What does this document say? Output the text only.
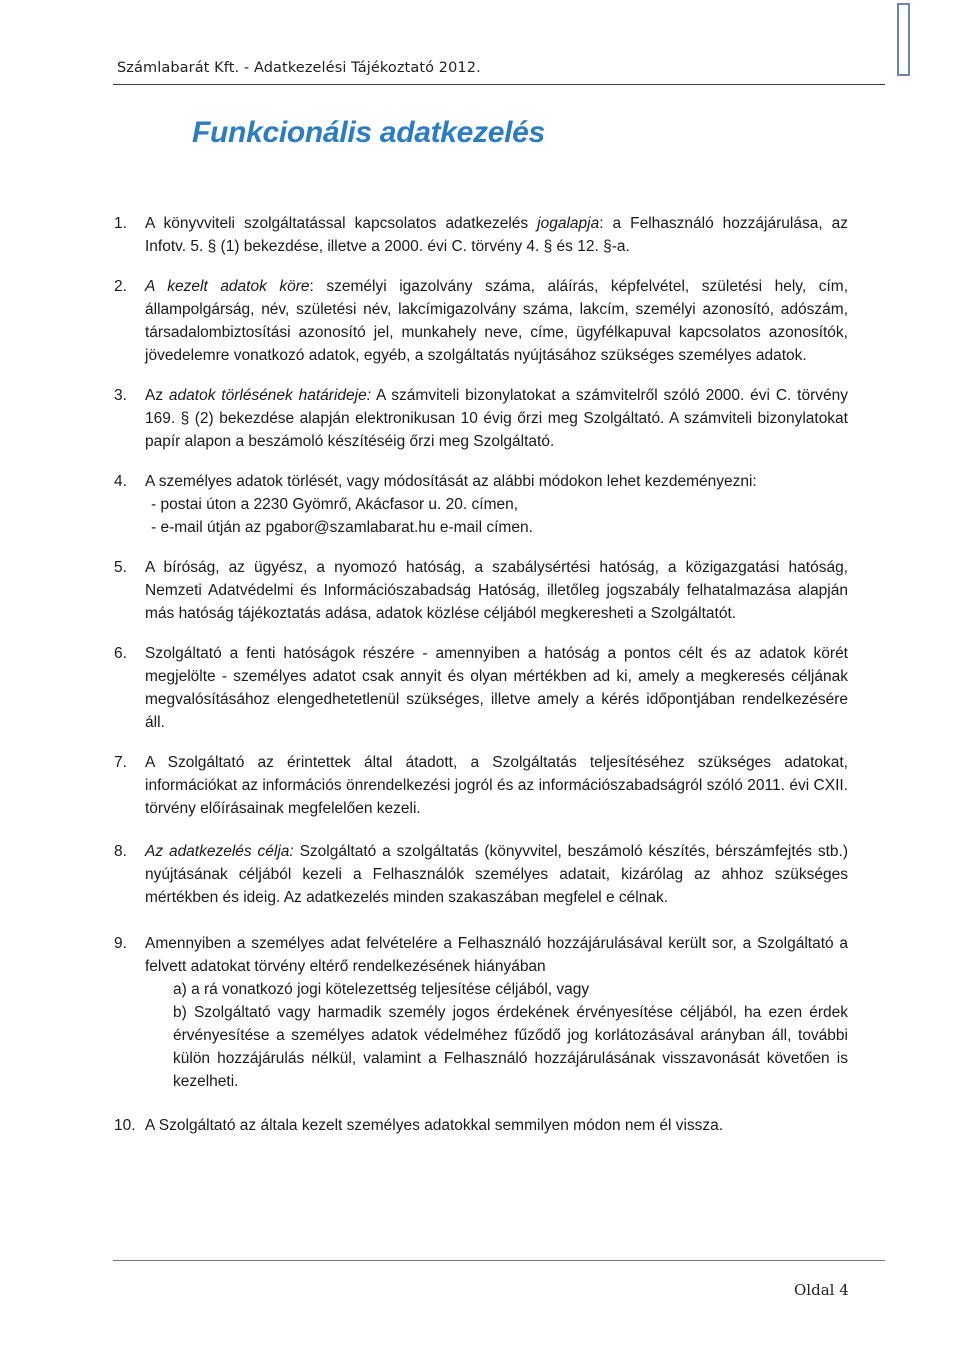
Számlabarát Kft. - Adatkezelési Tájékoztató 2012.
Funkcionális adatkezelés
1. A könyvviteli szolgáltatással kapcsolatos adatkezelés jogalapja: a Felhasználó hozzájárulása, az Infotv. 5. § (1) bekezdése, illetve a 2000. évi C. törvény 4. § és 12. §-a.

2. A kezelt adatok köre: személyi igazolvány száma, aláírás, képfelvétel, születési hely, cím, állampolgárság, név, születési név, lakcímigazolvány száma, lakcím, személyi azonosító, adószám, társadalombiztosítási azonosító jel, munkahely neve, címe, ügyfélkapuval kapcsolatos azonosítók, jövedelemre vonatkozó adatok, egyéb, a szolgáltatás nyújtásához szükséges személyes adatok.

3. Az adatok törlésének határideje: A számviteli bizonylatokat a számvitelről szóló 2000. évi C. törvény 169. § (2) bekezdése alapján elektronikusan 10 évig őrzi meg Szolgáltató. A számviteli bizonylatokat papír alapon a beszámoló készítéséig őrzi meg Szolgáltató.

4. A személyes adatok törlését, vagy módosítását az alábbi módokon lehet kezdeményezni:

- postai úton a 2230 Gyömrő, Akácfasor u. 20. címen,

- e-mail útján az pgabor@szamlabarat.hu e-mail címen.

5. A bíróság, az ügyész, a nyomozó hatóság, a szabálysértési hatóság, a közigazgatási hatóság, Nemzeti Adatvédelmi és Információszabadság Hatóság, illetőleg jogszabály felhatalmazása alapján más hatóság tájékoztatás adása, adatok közlése céljából megkeresheti a Szolgáltatót.

6. Szolgáltató a fenti hatóságok részére - amennyiben a hatóság a pontos célt és az adatok körét megjelölte - személyes adatot csak annyit és olyan mértékben ad ki, amely a megkeresés céljának megvalósításához elengedhetetlenül szükséges, illetve amely a kérés időpontjában rendelkezésére áll.

7. A Szolgáltató az érintettek által átadott, a Szolgáltatás teljesítéséhez szükséges adatokat, információkat az információs önrendelkezési jogról és az információszabadságról szóló 2011. évi CXII. törvény előírásainak megfelelően kezeli.

8. Az adatkezelés célja: Szolgáltató a szolgáltatás (könyvvitel, beszámoló készítés, bérszámfejtés stb.) nyújtásának céljából kezeli a Felhasználók személyes adatait, kizárólag az ahhoz szükséges mértékben és ideig. Az adatkezelés minden szakaszában megfelel e célnak.

9. Amennyiben a személyes adat felvételére a Felhasználó hozzájárulásával került sor, a Szolgáltató a felvett adatokat törvény eltérő rendelkezésének hiányában

a) a rá vonatkozó jogi kötelezettség teljesítése céljából, vagy

b) Szolgáltató vagy harmadik személy jogos érdekének érvényesítése céljából, ha ezen érdek érvényesítése a személyes adatok védelméhez fűződő jog korlátozásával arányban áll, további külön hozzájárulás nélkül, valamint a Felhasználó hozzájárulásának visszavonását követően is kezelheti.

10. A Szolgáltató az általa kezelt személyes adatokkal semmilyen módon nem él vissza.

Oldal 4
